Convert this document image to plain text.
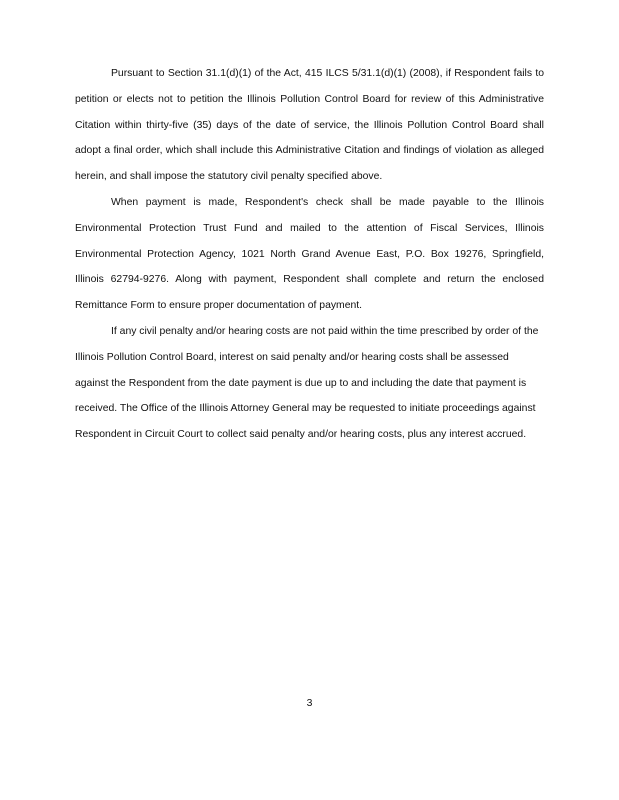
Pursuant to Section 31.1(d)(1) of the Act, 415 ILCS 5/31.1(d)(1) (2008), if Respondent fails to petition or elects not to petition the Illinois Pollution Control Board for review of this Administrative Citation within thirty-five (35) days of the date of service, the Illinois Pollution Control Board shall adopt a final order, which shall include this Administrative Citation and findings of violation as alleged herein, and shall impose the statutory civil penalty specified above.

When payment is made, Respondent's check shall be made payable to the Illinois Environmental Protection Trust Fund and mailed to the attention of Fiscal Services, Illinois Environmental Protection Agency, 1021 North Grand Avenue East, P.O. Box 19276, Springfield, Illinois 62794-9276. Along with payment, Respondent shall complete and return the enclosed Remittance Form to ensure proper documentation of payment.

If any civil penalty and/or hearing costs are not paid within the time prescribed by order of the Illinois Pollution Control Board, interest on said penalty and/or hearing costs shall be assessed against the Respondent from the date payment is due up to and including the date that payment is received. The Office of the Illinois Attorney General may be requested to initiate proceedings against Respondent in Circuit Court to collect said penalty and/or hearing costs, plus any interest accrued.

3
